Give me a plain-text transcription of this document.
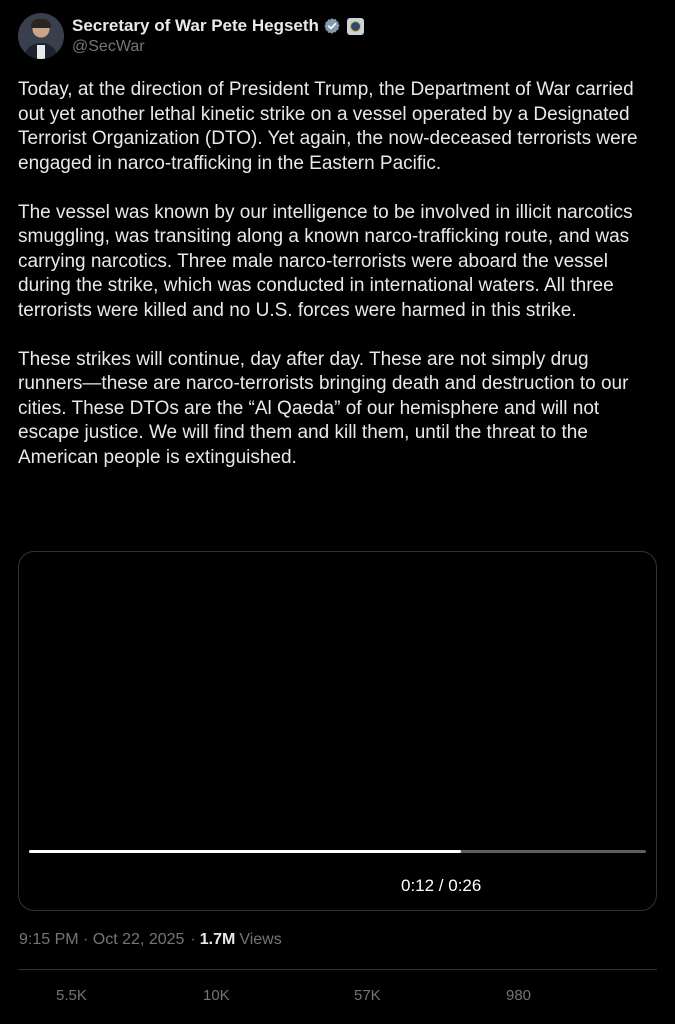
Secretary of War Pete Hegseth
@SecWar

Today, at the direction of President Trump, the Department of War carried out yet another lethal kinetic strike on a vessel operated by a Designated Terrorist Organization (DTO). Yet again, the now-deceased terrorists were engaged in narco-trafficking in the Eastern Pacific.

The vessel was known by our intelligence to be involved in illicit narcotics smuggling, was transiting along a known narco-trafficking route, and was carrying narcotics. Three male narco-terrorists were aboard the vessel during the strike, which was conducted in international waters. All three terrorists were killed and no U.S. forces were harmed in this strike.

These strikes will continue, day after day. These are not simply drug runners—these are narco-terrorists bringing death and destruction to our cities. These DTOs are the “Al Qaeda” of our hemisphere and will not escape justice. We will find them and kill them, until the threat to the American people is extinguished.

0:12 / 0:26
9:15 PM · Oct 22, 2025 · 1.7M Views
5.5K	10K	57K	980
